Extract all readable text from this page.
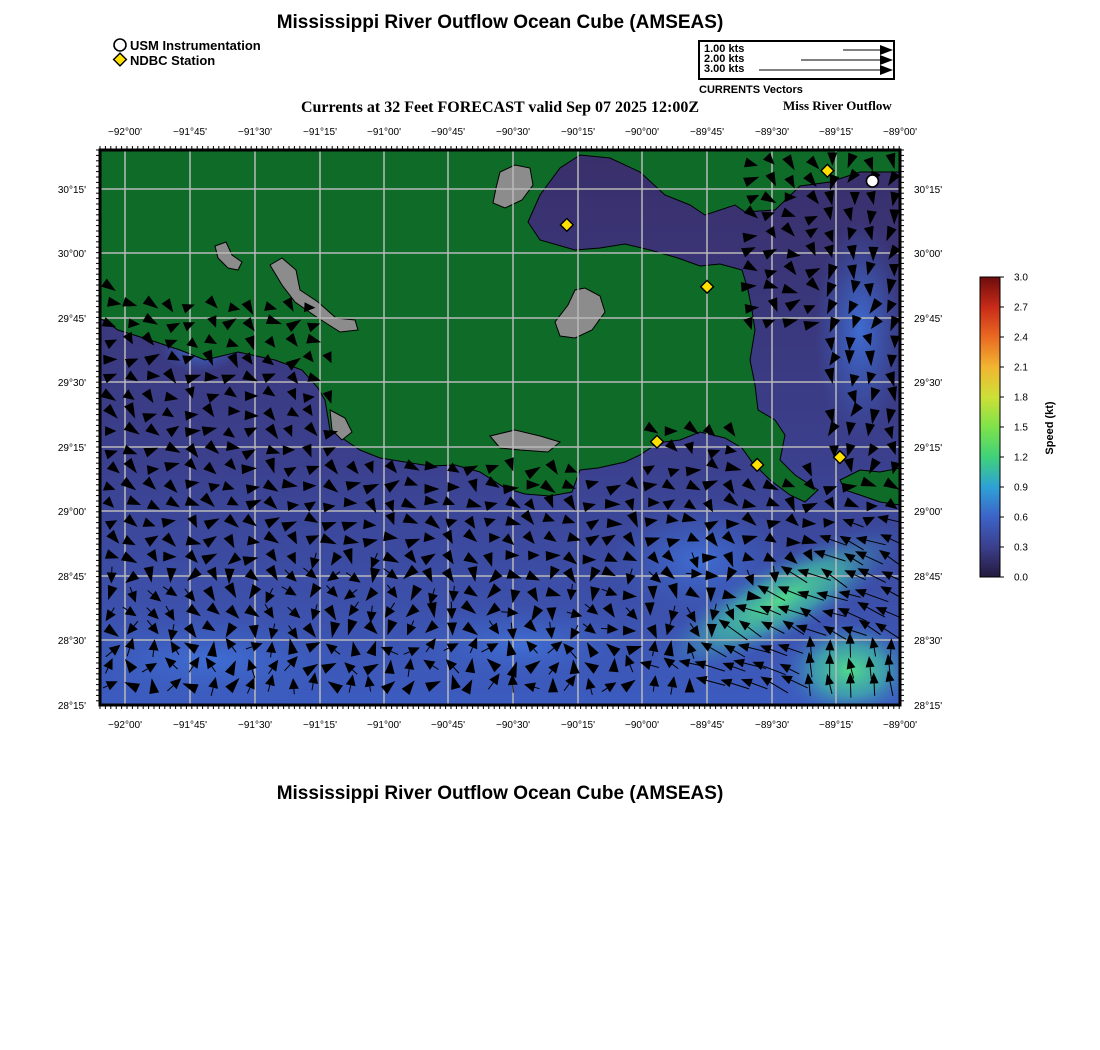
Mississippi River Outflow Ocean Cube (AMSEAS)
USM Instrumentation
NDBC Station
1.00 kts
2.00 kts
3.00 kts
CURRENTS Vectors
Currents at 32 Feet FORECAST valid Sep 07 2025 12:00Z	Miss River Outflow
−92°00'	−91°45'	−91°30'	−91°15'	−91°00'	−90°45'	−90°30'	−90°15'	−90°00'	−89°45'	−89°30'	−89°15'	−89°00'
−92°00'	−91°45'	−91°30'	−91°15'	−91°00'	−90°45'	−90°30'	−90°15'	−90°00'	−89°45'	−89°30'	−89°15'	−89°00'
30°15'
30°00'
29°45'
29°30'
29°15'
29°00'
28°45'
28°30'
28°15'
30°15'
30°00'
29°45'
29°30'
29°15'
29°00'
28°45'
28°30'
28°15'
3.0
2.7
2.4
2.1
1.8
1.5
1.2
0.9
0.6
0.3
0.0
Speed (kt)
Mississippi River Outflow Ocean Cube (AMSEAS)
